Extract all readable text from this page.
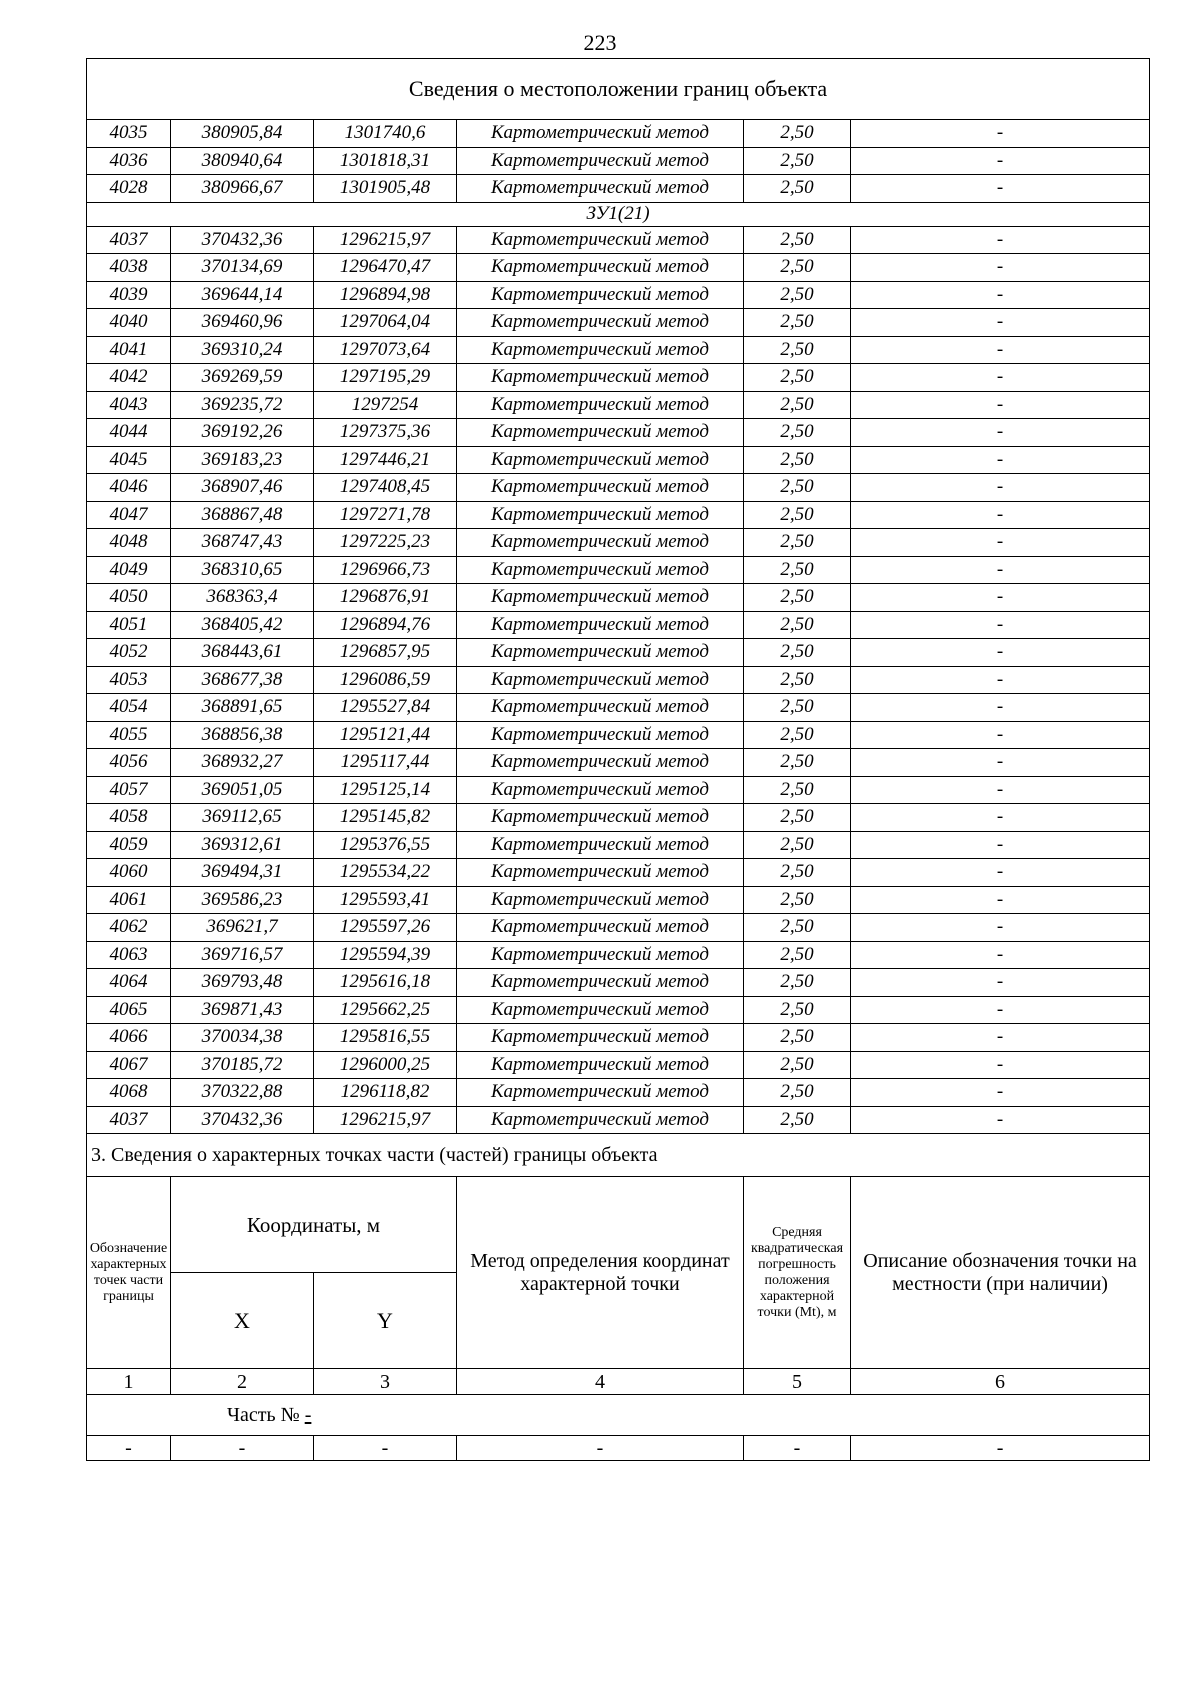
223
Сведения о местоположении границ объекта					
4035	380905,84	1301740,6	Картометрический метод	2,50	-
4036	380940,64	1301818,31	Картометрический метод	2,50	-
4028	380966,67	1301905,48	Картометрический метод	2,50	-
ЗУ1(21)					
4037	370432,36	1296215,97	Картометрический метод	2,50	-
4038	370134,69	1296470,47	Картометрический метод	2,50	-
4039	369644,14	1296894,98	Картометрический метод	2,50	-
4040	369460,96	1297064,04	Картометрический метод	2,50	-
4041	369310,24	1297073,64	Картометрический метод	2,50	-
4042	369269,59	1297195,29	Картометрический метод	2,50	-
4043	369235,72	1297254	Картометрический метод	2,50	-
4044	369192,26	1297375,36	Картометрический метод	2,50	-
4045	369183,23	1297446,21	Картометрический метод	2,50	-
4046	368907,46	1297408,45	Картометрический метод	2,50	-
4047	368867,48	1297271,78	Картометрический метод	2,50	-
4048	368747,43	1297225,23	Картометрический метод	2,50	-
4049	368310,65	1296966,73	Картометрический метод	2,50	-
4050	368363,4	1296876,91	Картометрический метод	2,50	-
4051	368405,42	1296894,76	Картометрический метод	2,50	-
4052	368443,61	1296857,95	Картометрический метод	2,50	-
4053	368677,38	1296086,59	Картометрический метод	2,50	-
4054	368891,65	1295527,84	Картометрический метод	2,50	-
4055	368856,38	1295121,44	Картометрический метод	2,50	-
4056	368932,27	1295117,44	Картометрический метод	2,50	-
4057	369051,05	1295125,14	Картометрический метод	2,50	-
4058	369112,65	1295145,82	Картометрический метод	2,50	-
4059	369312,61	1295376,55	Картометрический метод	2,50	-
4060	369494,31	1295534,22	Картометрический метод	2,50	-
4061	369586,23	1295593,41	Картометрический метод	2,50	-
4062	369621,7	1295597,26	Картометрический метод	2,50	-
4063	369716,57	1295594,39	Картометрический метод	2,50	-
4064	369793,48	1295616,18	Картометрический метод	2,50	-
4065	369871,43	1295662,25	Картометрический метод	2,50	-
4066	370034,38	1295816,55	Картометрический метод	2,50	-
4067	370185,72	1296000,25	Картометрический метод	2,50	-
4068	370322,88	1296118,82	Картометрический метод	2,50	-
4037	370432,36	1296215,97	Картометрический метод	2,50	-
3. Сведения о характерных точках части (частей) границы объекта					
Обозначение характерных точек части границы	Координаты, м		Метод определения координат характерной точки	Средняя квадратическая погрешность положения характерной точки (Mt), м	Описание обозначения точки на местности (при наличии)
	X	Y			
1	2	3	4	5	6
Часть № -					
-	-	-	-	-	-
